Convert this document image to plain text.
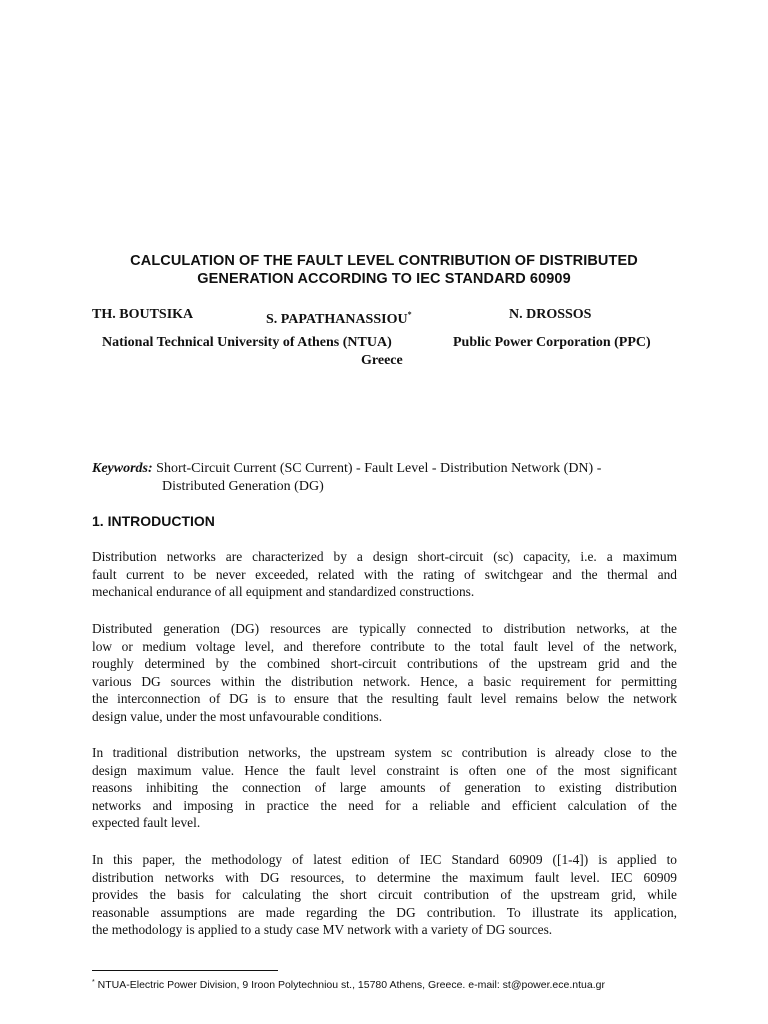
CALCULATION OF THE FAULT LEVEL CONTRIBUTION OF DISTRIBUTED
GENERATION ACCORDING TO IEC STANDARD 60909
TH. BOUTSIKA	S. PAPATHANASSIOU*	N. DROSSOS
National Technical University of Athens (NTUA)
Greece
Public Power Corporation (PPC)
Keywords: Short-Circuit Current (SC Current) - Fault Level - Distribution Network (DN) -
Distributed Generation (DG)
1. INTRODUCTION
Distribution networks are characterized by a design short-circuit (sc) capacity, i.e. a maximum
fault current to be never exceeded, related with the rating of switchgear and the thermal and
mechanical endurance of all equipment and standardized constructions.
Distributed generation (DG) resources are typically connected to distribution networks, at the
low or medium voltage level, and therefore contribute to the total fault level of the network,
roughly determined by the combined short-circuit contributions of the upstream grid and the
various DG sources within the distribution network. Hence, a basic requirement for permitting
the interconnection of DG is to ensure that the resulting fault level remains below the network
design value, under the most unfavourable conditions.
In traditional distribution networks, the upstream system sc contribution is already close to the
design maximum value. Hence the fault level constraint is often one of the most significant
reasons inhibiting the connection of large amounts of generation to existing distribution
networks and imposing in practice the need for a reliable and efficient calculation of the
expected fault level.
In this paper, the methodology of latest edition of IEC Standard 60909 ([1-4]) is applied to
distribution networks with DG resources, to determine the maximum fault level. IEC 60909
provides the basis for calculating the short circuit contribution of the upstream grid, while
reasonable assumptions are made regarding the DG contribution. To illustrate its application,
the methodology is applied to a study case MV network with a variety of DG sources.
* NTUA-Electric Power Division, 9 Iroon Polytechniou st., 15780 Athens, Greece. e-mail: st@power.ece.ntua.gr
